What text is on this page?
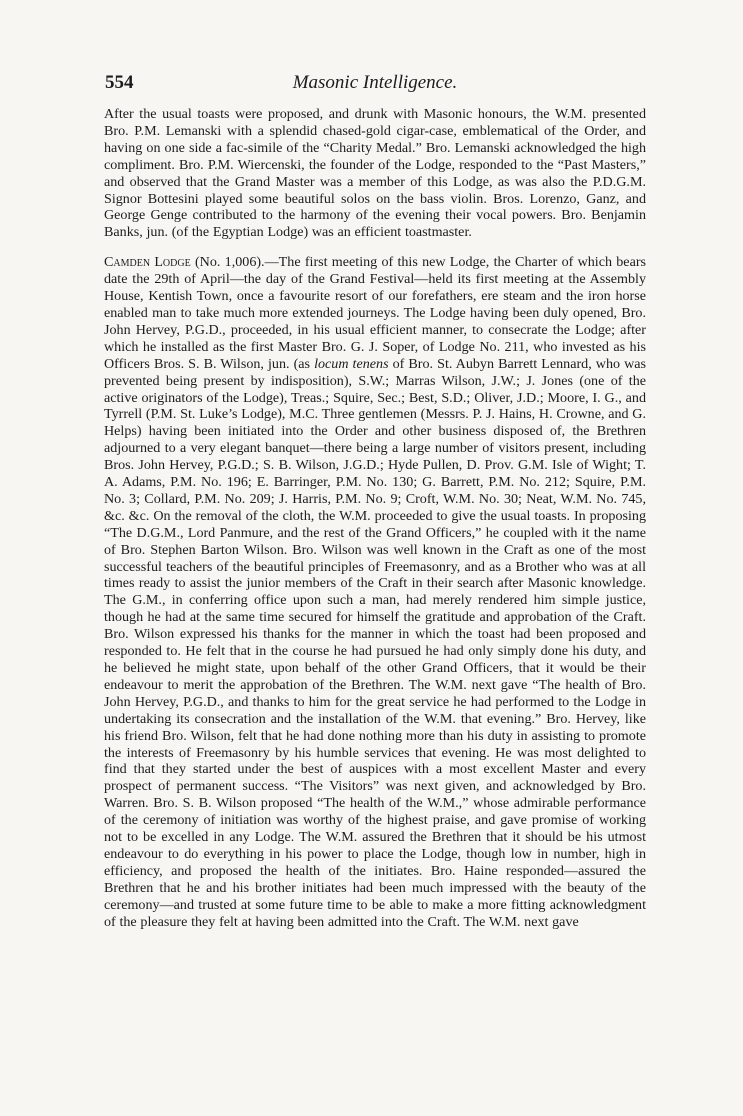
554	Masonic Intelligence.

After the usual toasts were proposed, and drunk with Masonic honours, the W.M. presented Bro. P.M. Lemanski with a splendid chased-gold cigar-case, emblematical of the Order, and having on one side a fac-simile of the “Charity Medal.” Bro. Lemanski acknowledged the high compliment. Bro. P.M. Wiercenski, the founder of the Lodge, responded to the “Past Masters,” and observed that the Grand Master was a member of this Lodge, as was also the P.D.G.M. Signor Bottesini played some beautiful solos on the bass violin. Bros. Lorenzo, Ganz, and George Genge contributed to the harmony of the evening their vocal powers. Bro. Benjamin Banks, jun. (of the Egyptian Lodge) was an efficient toastmaster.

Camden Lodge (No. 1,006).—The first meeting of this new Lodge, the Charter of which bears date the 29th of April—the day of the Grand Festival—held its first meeting at the Assembly House, Kentish Town, once a favourite resort of our forefathers, ere steam and the iron horse enabled man to take much more extended journeys. The Lodge having been duly opened, Bro. John Hervey, P.G.D., proceeded, in his usual efficient manner, to consecrate the Lodge; after which he installed as the first Master Bro. G. J. Soper, of Lodge No. 211, who invested as his Officers Bros. S. B. Wilson, jun. (as locum tenens of Bro. St. Aubyn Barrett Lennard, who was prevented being present by indisposition), S.W.; Marras Wilson, J.W.; J. Jones (one of the active originators of the Lodge), Treas.; Squire, Sec.; Best, S.D.; Oliver, J.D.; Moore, I. G., and Tyrrell (P.M. St. Luke’s Lodge), M.C. Three gentlemen (Messrs. P. J. Hains, H. Crowne, and G. Helps) having been initiated into the Order and other business disposed of, the Brethren adjourned to a very elegant banquet—there being a large number of visitors present, including Bros. John Hervey, P.G.D.; S. B. Wilson, J.G.D.; Hyde Pullen, D. Prov. G.M. Isle of Wight; T. A. Adams, P.M. No. 196; E. Barringer, P.M. No. 130; G. Barrett, P.M. No. 212; Squire, P.M. No. 3; Collard, P.M. No. 209; J. Harris, P.M. No. 9; Croft, W.M. No. 30; Neat, W.M. No. 745, &c. &c. On the removal of the cloth, the W.M. proceeded to give the usual toasts. In proposing “The D.G.M., Lord Panmure, and the rest of the Grand Officers,” he coupled with it the name of Bro. Stephen Barton Wilson. Bro. Wilson was well known in the Craft as one of the most successful teachers of the beautiful principles of Freemasonry, and as a Brother who was at all times ready to assist the junior members of the Craft in their search after Masonic knowledge. The G.M., in conferring office upon such a man, had merely rendered him simple justice, though he had at the same time secured for himself the gratitude and approbation of the Craft. Bro. Wilson expressed his thanks for the manner in which the toast had been proposed and responded to. He felt that in the course he had pursued he had only simply done his duty, and he believed he might state, upon behalf of the other Grand Officers, that it would be their endeavour to merit the approbation of the Brethren. The W.M. next gave “The health of Bro. John Hervey, P.G.D., and thanks to him for the great service he had performed to the Lodge in undertaking its consecration and the installation of the W.M. that evening.” Bro. Hervey, like his friend Bro. Wilson, felt that he had done nothing more than his duty in assisting to promote the interests of Freemasonry by his humble services that evening. He was most delighted to find that they started under the best of auspices with a most excellent Master and every prospect of permanent success. “The Visitors” was next given, and acknowledged by Bro. Warren. Bro. S. B. Wilson proposed “The health of the W.M.,” whose admirable performance of the ceremony of initiation was worthy of the highest praise, and gave promise of working not to be excelled in any Lodge. The W.M. assured the Brethren that it should be his utmost endeavour to do everything in his power to place the Lodge, though low in number, high in efficiency, and proposed the health of the initiates. Bro. Haine responded—assured the Brethren that he and his brother initiates had been much impressed with the beauty of the ceremony—and trusted at some future time to be able to make a more fitting acknowledgment of the pleasure they felt at having been admitted into the Craft. The W.M. next gave
